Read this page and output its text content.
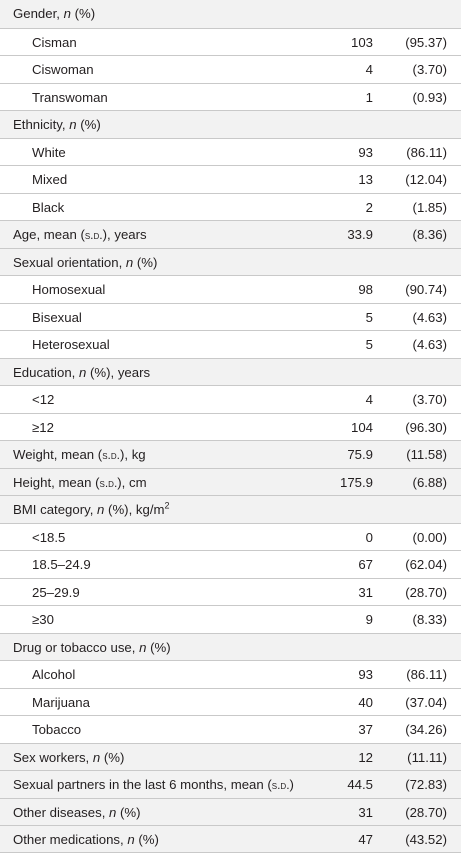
Gender, n (%)
Cisman	103 (95.37)
Ciswoman	4	(3.70)
Transwoman	1	(0.93)
Ethnicity, n (%)
White	93	(86.11)
Mixed	13 (12.04)
Black	2	(1.85)
Age, mean (s.d.), years	33.9	(8.36)
Sexual orientation, n (%)
Homosexual	98 (90.74)
Bisexual	5	(4.63)
Heterosexual	5	(4.63)
Education, n (%), years
<12	4	(3.70)
≥12	104 (96.30)
Weight, mean (s.d.), kg	75.9	(11.58)
Height, mean (s.d.), cm	175.9	(6.88)
BMI category, n (%), $kg/m^2$
<18.5	0	(0.00)
18.5–24.9	67 (62.04)
25–29.9	31 (28.70)
≥30	9	(8.33)
Drug or tobacco use, n (%)
Alcohol	93	(86.11)
Marijuana	40 (37.04)
Tobacco	37 (34.26)
Sex workers, n (%)	12	(11.11)
Sexual partners in the last 6 months, mean (s.d.)	44.5 (72.83)
Other diseases, n (%)	31 (28.70)
Other medications, n (%)	47 (43.52)
